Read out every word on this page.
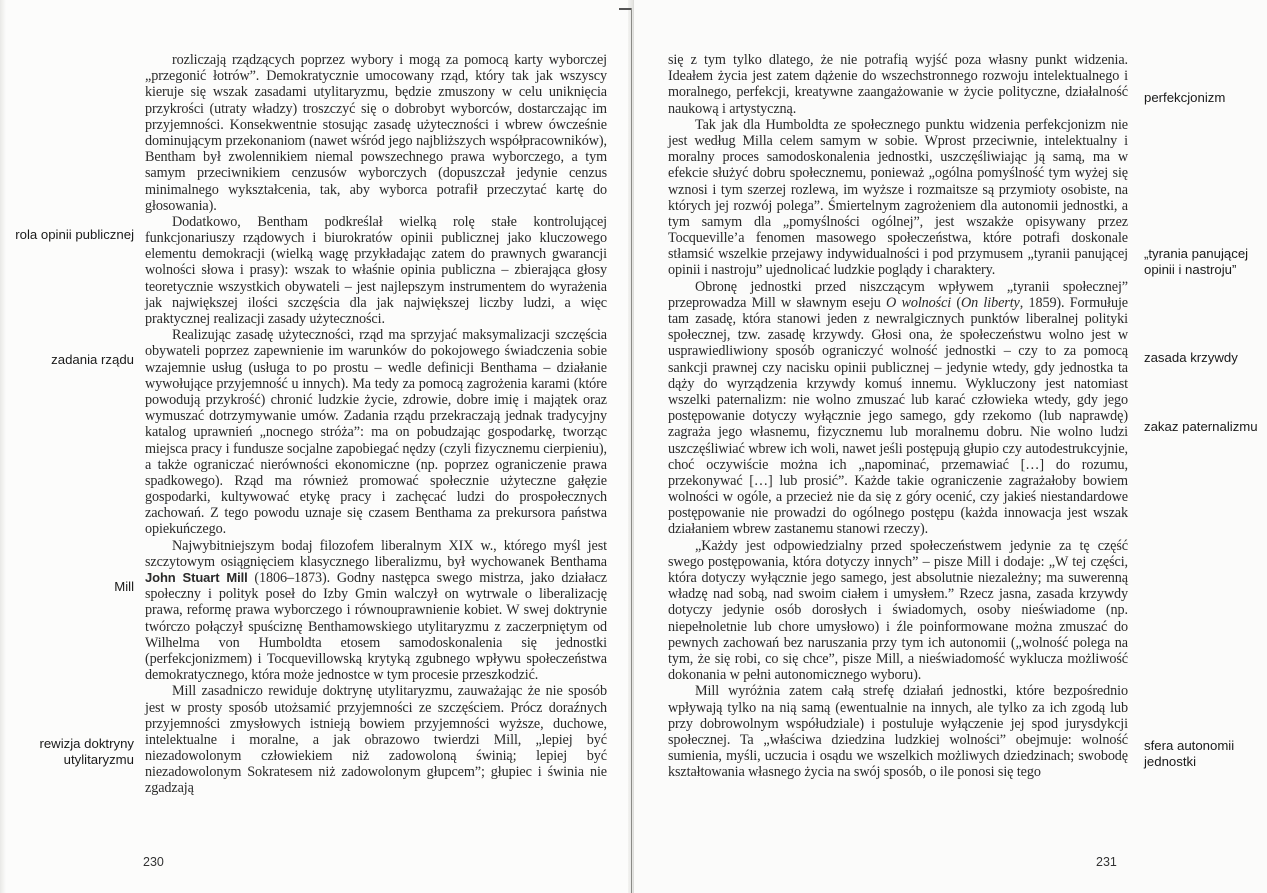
rozliczają rządzących poprzez wybory i mogą za pomocą karty wyborczej „przegonić łotrów”. Demokratycznie umocowany rząd, który tak jak wszyscy kieruje się wszak zasadami utylitaryzmu, będzie zmuszony w celu uniknięcia przykrości (utraty władzy) troszczyć się o dobrobyt wyborców, dostarczając im przyjemności. Konsekwentnie stosując zasadę użyteczności i wbrew ówcześnie dominującym przekonaniom (nawet wśród jego najbliższych współpracowników), Bentham był zwolennikiem niemal powszechnego prawa wyborczego, a tym samym przeciwnikiem cenzusów wyborczych (dopuszczał jedynie cenzus minimalnego wykształcenia, tak, aby wyborca potrafił przeczytać kartę do głosowania).

Dodatkowo, Bentham podkreślał wielką rolę stałe kontrolującej funkcjonariuszy rządowych i biurokratów opinii publicznej jako kluczowego elementu demokracji (wielką wagę przykładając zatem do prawnych gwarancji wolności słowa i prasy): wszak to właśnie opinia publiczna – zbierająca głosy teoretycznie wszystkich obywateli – jest najlepszym instrumentem do wyrażenia jak największej ilości szczęścia dla jak największej liczby ludzi, a więc praktycznej realizacji zasady użyteczności.

Realizując zasadę użyteczności, rząd ma sprzyjać maksymalizacji szczęścia obywateli poprzez zapewnienie im warunków do pokojowego świadczenia sobie wzajemnie usług (usługa to po prostu – wedle definicji Benthama – działanie wywołujące przyjemność u innych). Ma tedy za pomocą zagrożenia karami (które powodują przykrość) chronić ludzkie życie, zdrowie, dobre imię i majątek oraz wymuszać dotrzymywanie umów. Zadania rządu przekraczają jednak tradycyjny katalog uprawnień „nocnego stróża”: ma on pobudzając gospodarkę, tworząc miejsca pracy i fundusze socjalne zapobiegać nędzy (czyli fizycznemu cierpieniu), a także ograniczać nierówności ekonomiczne (np. poprzez ograniczenie prawa spadkowego). Rząd ma również promować społecznie użyteczne gałęzie gospodarki, kultywować etykę pracy i zachęcać ludzi do prospołecznych zachowań. Z tego powodu uznaje się czasem Benthama za prekursora państwa opiekuńczego.

Najwybitniejszym bodaj filozofem liberalnym XIX w., którego myśl jest szczytowym osiągnięciem klasycznego liberalizmu, był wychowanek Benthama John Stuart Mill (1806–1873). Godny następca swego mistrza, jako działacz społeczny i polityk poseł do Izby Gmin walczył on wytrwale o liberalizację prawa, reformę prawa wyborczego i równouprawnienie kobiet. W swej doktrynie twórczo połączył spuściznę Benthamowskiego utylitaryzmu z zaczerpniętym od Wilhelma von Humboldta etosem samodoskonalenia się jednostki (perfekcjonizmem) i Tocquevillowską krytyką zgubnego wpływu społeczeństwa demokratycznego, która może jednostce w tym procesie przeszkodzić.

Mill zasadniczo rewiduje doktrynę utylitaryzmu, zauważając że nie sposób jest w prosty sposób utożsamić przyjemności ze szczęściem. Prócz doraźnych przyjemności zmysłowych istnieją bowiem przyjemności wyższe, duchowe, intelektualne i moralne, a jak obrazowo twierdzi Mill, „lepiej być niezadowolonym człowiekiem niż zadowoloną świnią; lepiej być niezadowolonym Sokratesem niż zadowolonym głupcem”; głupiec i świnia nie zgadzają

rola opinii publicznej
zadania rządu
Mill
rewizja doktryny utylitaryzmu
230

się z tym tylko dlatego, że nie potrafią wyjść poza własny punkt widzenia. Ideałem życia jest zatem dążenie do wszechstronnego rozwoju intelektualnego i moralnego, perfekcji, kreatywne zaangażowanie w życie polityczne, działalność naukową i artystyczną.

Tak jak dla Humboldta ze społecznego punktu widzenia perfekcjonizm nie jest według Milla celem samym w sobie. Wprost przeciwnie, intelektualny i moralny proces samodoskonalenia jednostki, uszczęśliwiając ją samą, ma w efekcie służyć dobru społecznemu, ponieważ „ogólna pomyślność tym wyżej się wznosi i tym szerzej rozlewa, im wyższe i rozmaitsze są przymioty osobiste, na których jej rozwój polega”. Śmiertelnym zagrożeniem dla autonomii jednostki, a tym samym dla „pomyślności ogólnej”, jest wszakże opisywany przez Tocqueville’a fenomen masowego społeczeństwa, które potrafi doskonale stłamsić wszelkie przejawy indywidualności i pod przymusem „tyranii panującej opinii i nastroju” ujednolicać ludzkie poglądy i charaktery.

Obronę jednostki przed niszczącym wpływem „tyranii społecznej” przeprowadza Mill w sławnym eseju O wolności (On liberty, 1859). Formułuje tam zasadę, która stanowi jeden z newralgicznych punktów liberalnej polityki społecznej, tzw. zasadę krzywdy. Głosi ona, że społeczeństwu wolno jest w usprawiedliwiony sposób ograniczyć wolność jednostki – czy to za pomocą sankcji prawnej czy nacisku opinii publicznej – jedynie wtedy, gdy jednostka ta dąży do wyrządzenia krzywdy komuś innemu. Wykluczony jest natomiast wszelki paternalizm: nie wolno zmuszać lub karać człowieka wtedy, gdy jego postępowanie dotyczy wyłącznie jego samego, gdy rzekomo (lub naprawdę) zagraża jego własnemu, fizycznemu lub moralnemu dobru. Nie wolno ludzi uszczęśliwiać wbrew ich woli, nawet jeśli postępują głupio czy autodestrukcyjnie, choć oczywiście można ich „napominać, przemawiać […] do rozumu, przekonywać […] lub prosić”. Każde takie ograniczenie zagrażałoby bowiem wolności w ogóle, a przecież nie da się z góry ocenić, czy jakieś niestandardowe postępowanie nie prowadzi do ogólnego postępu (każda innowacja jest wszak działaniem wbrew zastanemu stanowi rzeczy).

„Każdy jest odpowiedzialny przed społeczeństwem jedynie za tę część swego postępowania, która dotyczy innych” – pisze Mill i dodaje: „W tej części, która dotyczy wyłącznie jego samego, jest absolutnie niezależny; ma suwerenną władzę nad sobą, nad swoim ciałem i umysłem.” Rzecz jasna, zasada krzywdy dotyczy jedynie osób dorosłych i świadomych, osoby nieświadome (np. niepełnoletnie lub chore umysłowo) i źle poinformowane można zmuszać do pewnych zachowań bez naruszania przy tym ich autonomii („wolność polega na tym, że się robi, co się chce”, pisze Mill, a nieświadomość wyklucza możliwość dokonania w pełni autonomicznego wyboru).

Mill wyróżnia zatem całą strefę działań jednostki, które bezpośrednio wpływają tylko na nią samą (ewentualnie na innych, ale tylko za ich zgodą lub przy dobrowolnym współudziale) i postuluje wyłączenie jej spod jurysdykcji społecznej. Ta „właściwa dziedzina ludzkiej wolności” obejmuje: wolność sumienia, myśli, uczucia i osądu we wszelkich możliwych dziedzinach; swobodę kształtowania własnego życia na swój sposób, o ile ponosi się tego

perfekcjonizm
„tyrania panującej opinii i nastroju”
zasada krzywdy
zakaz paternalizmu
sfera autonomii jednostki
231
